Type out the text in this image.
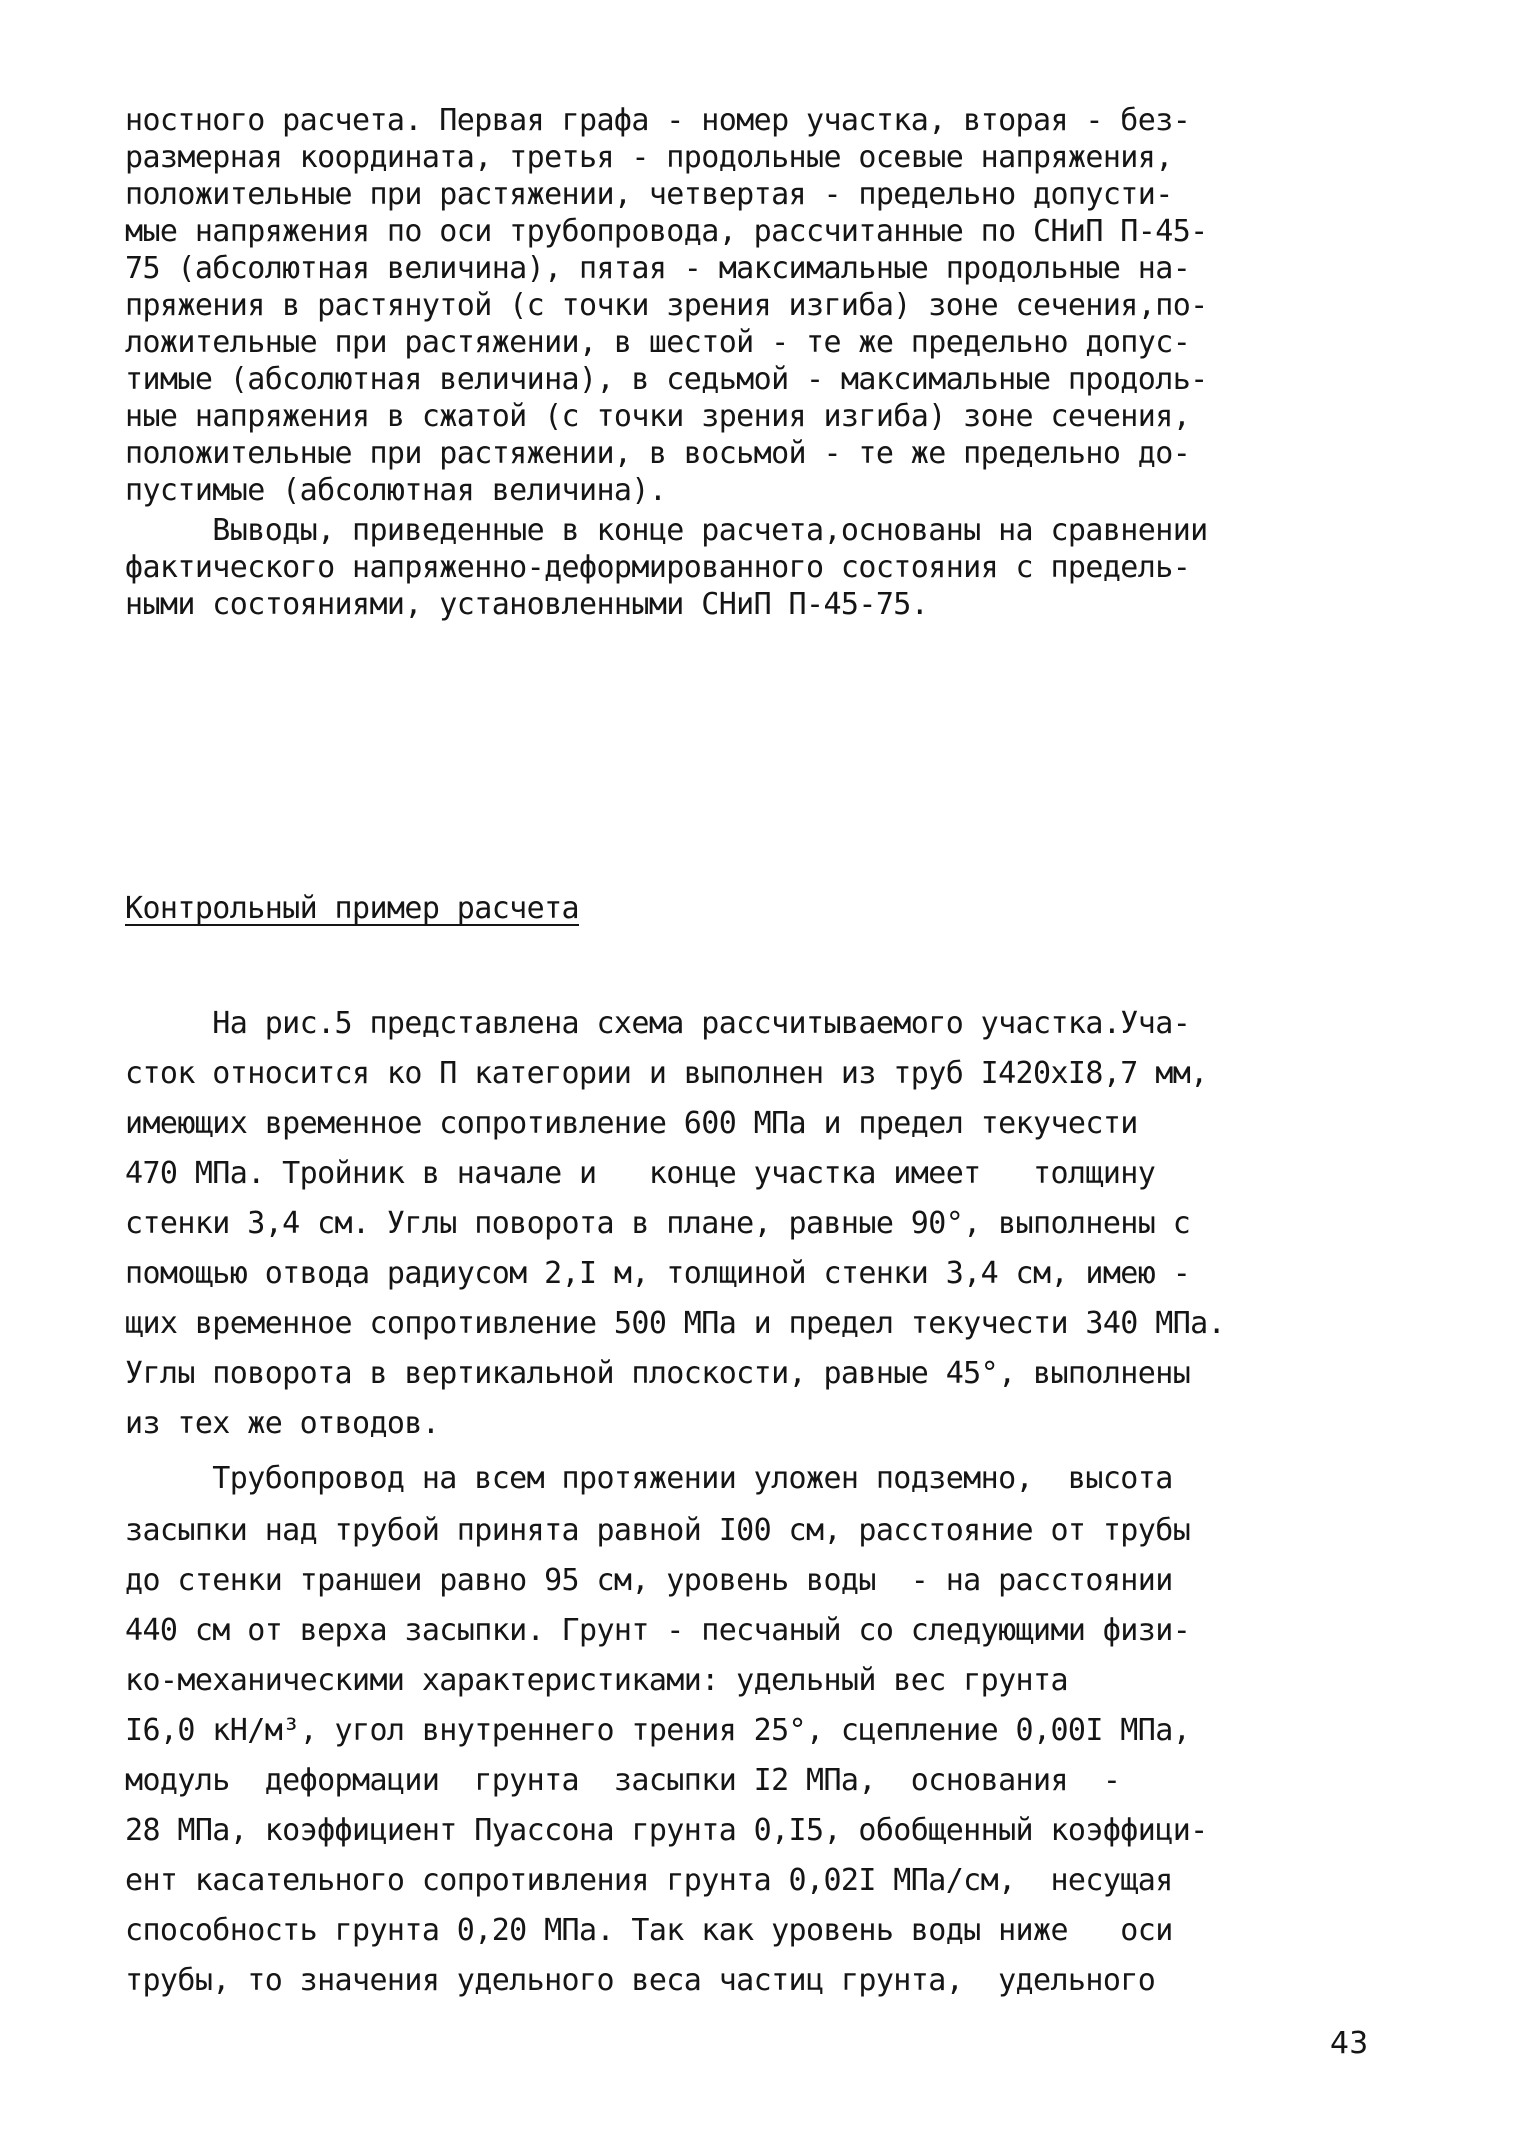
ностного расчета. Первая графа - номер участка, вторая - без-
размерная координата, третья - продольные осевые напряжения,
положительные при растяжении, четвертая - предельно допусти-
мые напряжения по оси трубопровода, рассчитанные по СНиП П-45-
75 (абсолютная величина), пятая - максимальные продольные на-
пряжения в растянутой (с точки зрения изгиба) зоне сечения,по-
ложительные при растяжении, в шестой - те же предельно допус-
тимые (абсолютная величина), в седьмой - максимальные продоль-
ные напряжения в сжатой (с точки зрения изгиба) зоне сечения,
положительные при растяжении, в восьмой - те же предельно до-
пустимые (абсолютная величина).
Выводы, приведенные в конце расчета,основаны на сравнении
фактического напряженно-деформированного состояния с предель-
ными состояниями, установленными СНиП П-45-75.
Контрольный пример расчета
На рис.5 представлена схема рассчитываемого участка.Уча-
сток относится ко П категории и выполнен из труб I420xI8,7 мм,
имеющих временное сопротивление 600 МПа и предел текучести
470 МПа. Тройник в начале и   конце участка имеет   толщину
стенки 3,4 см. Углы поворота в плане, равные 90°, выполнены с
помощью отвода радиусом 2,I м, толщиной стенки 3,4 см, имею -
щих временное сопротивление 500 МПа и предел текучести 340 МПа.
Углы поворота в вертикальной плоскости, равные 45°, выполнены
из тех же отводов.
Трубопровод на всем протяжении уложен подземно,  высота
засыпки над трубой принята равной I00 см, расстояние от трубы
до стенки траншеи равно 95 см, уровень воды  - на расстоянии
440 см от верха засыпки. Грунт - песчаный со следующими физи-
ко-механическими характеристиками: удельный вес грунта
I6,0 кН/м³, угол внутреннего трения 25°, сцепление 0,00I МПа,
модуль  деформации  грунта  засыпки I2 МПа,  основания  -
28 МПа, коэффициент Пуассона грунта 0,I5, обобщенный коэффици-
ент касательного сопротивления грунта 0,02I МПа/см,  несущая
способность грунта 0,20 МПа. Так как уровень воды ниже   оси
трубы, то значения удельного веса частиц грунта,  удельного
43
